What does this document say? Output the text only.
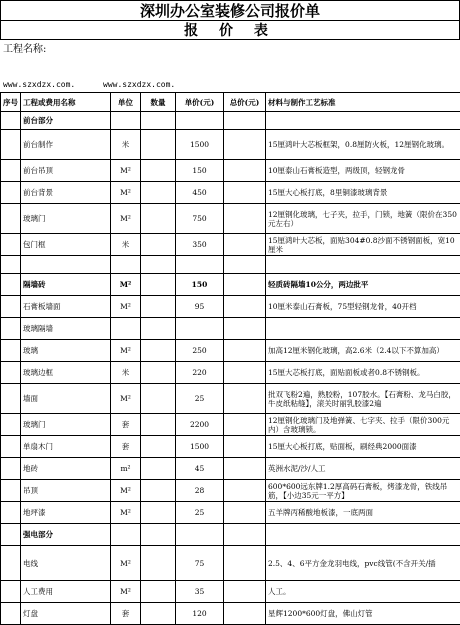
深圳办公室装修公司报价单
报 价 表
工程名称:
www.szxdzx.com.	www.szxdzx.com.
序号	工程或费用名称	单位	数量	单价(元)	总价(元)	材料与制作工艺标准
	前台部分					
	前台制作	米		1500		15厘鸿叶大芯板框架，0.8厘防火板，12厘钢化玻璃。
	前台吊顶	M²		150		10厘泰山石膏板造型，两级顶，轻钢龙骨
	前台背景	M²		450		15厘大心板打底，8里铜漆玻璃背景
	玻璃门	M²		750		12厘钢化玻璃，七子夹，拉手，门锁，地簧（限价在350元左右）
	包门框	米		350		15厘鸿叶大芯板，面贴304#0.8沙面不锈钢面板，宽10厘米

	隔墙砖	M²		150		轻质砖隔墙10公分，两边批平
	石膏板墙面	M²		95		10厘米泰山石膏板，75型轻钢龙骨，40开档
	玻璃隔墙					
	玻璃	M²		250		加高12厘米钢化玻璃，高2.6米（2.4以下不算加高）
	玻璃边框	米		220		15厘大芯板打底，面贴面板或者0.8不锈钢板。
	墙面	M²		25		批双飞粉2遍，熟胶粉，107胶水。【石膏粉、龙马白胶，牛皮纸粘缝】，滚关时丽乳胶漆2遍
	玻璃门	套		2200		12厘钢化玻璃门及地弹簧、七字夹、拉手（限价300元内）含玻璃锁。
	单扇木门	套		1500		15厘大心板打底，贴面板，刷经典2000面漆
	地砖	m²		45		英洲水泥/沙/人工
	吊顶	M²		28		600*600远东牌1.2厚高码石膏板，烤漆龙骨，铁线吊筋，【小边35元一平方】
	地坪漆	M²		25		五羊牌丙稀酸地板漆，一底两面
	强电部分					
	电线	M²		75		2.5、4、6平方金龙羽电线，pvc线管(不含开关/插
	人工费用	M²		35		人工。
	灯盘	套		120		星辉1200*600灯盘，佛山灯管
